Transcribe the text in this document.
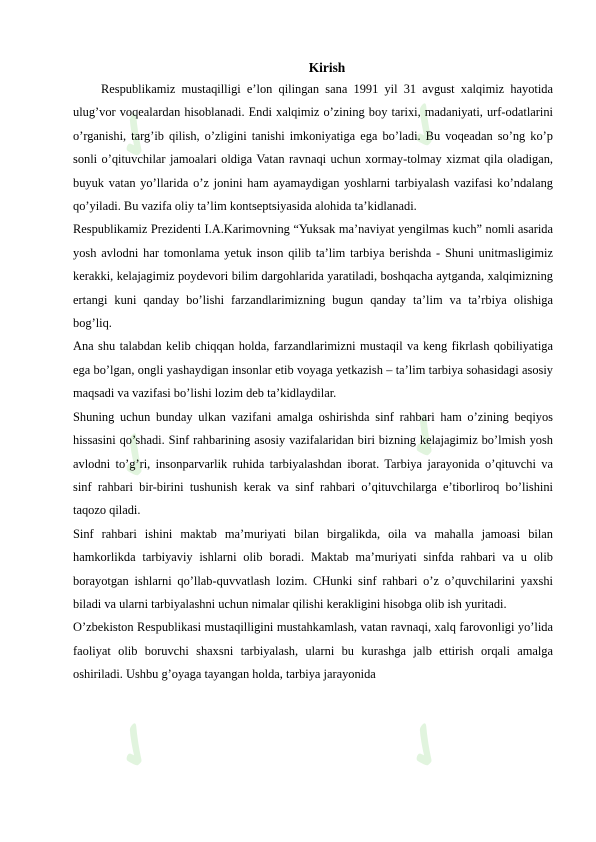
✓	✓
✓	✓
✓	✓
Kirish

Respublikamiz mustaqilligi e’lon qilingan sana 1991 yil 31 avgust xalqimiz hayotida ulug’vor voqealardan hisoblanadi. Endi xalqimiz o’zining boy tarixi, madaniyati, urf-odatlarini o’rganishi, targ’ib qilish, o’zligini tanishi imkoniyatiga ega bo’ladi. Bu voqeadan so’ng ko’p sonli o’qituvchilar jamoalari oldiga Vatan ravnaqi uchun xormay-tolmay xizmat qila oladigan, buyuk vatan yo’llarida o’z jonini ham ayamaydigan yoshlarni tarbiyalash vazifasi ko’ndalang qo’yiladi. Bu vazifa oliy ta’lim kontseptsiyasida alohida ta’kidlanadi.

Respublikamiz Prezidenti I.A.Karimovning “Yuksak ma’naviyat yengilmas kuch” nomli asarida yosh avlodni har tomonlama yetuk inson qilib ta’lim tarbiya berishda - Shuni unitmasligimiz kerakki, kelajagimiz poydevori bilim dargohlarida yaratiladi, boshqacha aytganda, xalqimizning ertangi kuni qanday bo’lishi farzandlarimizning bugun qanday ta’lim va ta’rbiya olishiga bog’liq.

Ana shu talabdan kelib chiqqan holda, farzandlarimizni mustaqil va keng fikrlash qobiliyatiga ega bo’lgan, ongli yashaydigan insonlar etib voyaga yetkazish – ta’lim tarbiya sohasidagi asosiy maqsadi va vazifasi bo’lishi lozim deb ta’kidlaydilar.

Shuning uchun bunday ulkan vazifani amalga oshirishda sinf rahbari ham o’zining beqiyos hissasini qo’shadi. Sinf rahbarining asosiy vazifalaridan biri bizning kelajagimiz bo’lmish yosh avlodni to’g’ri, insonparvarlik ruhida tarbiyalashdan iborat. Tarbiya jarayonida o’qituvchi va sinf rahbari bir-birini tushunish kerak va sinf rahbari o’qituvchilarga e’tiborliroq bo’lishini taqozo qiladi.

Sinf rahbari ishini maktab ma’muriyati bilan birgalikda, oila va mahalla jamoasi bilan hamkorlikda tarbiyaviy ishlarni olib boradi. Maktab ma’muriyati sinfda rahbari va u olib borayotgan ishlarni qo’llab-quvvatlash lozim. CHunki sinf rahbari o’z o’quvchilarini yaxshi biladi va ularni tarbiyalashni uchun nimalar qilishi kerakligini hisobga olib ish yuritadi.

O’zbekiston Respublikasi mustaqilligini mustahkamlash, vatan ravnaqi, xalq farovonligi yo’lida faoliyat olib boruvchi shaxsni tarbiyalash, ularni bu kurashga jalb ettirish orqali amalga oshiriladi. Ushbu g’oyaga tayangan holda, tarbiya jarayonida
